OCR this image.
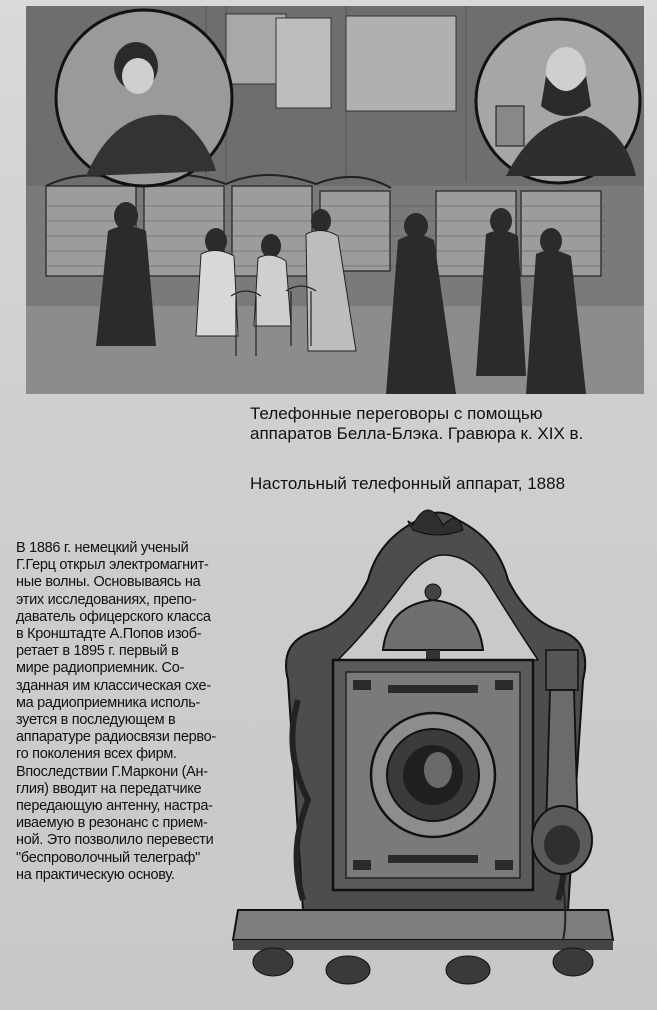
Телефонные переговоры с помощью
аппаратов Белла-Блэка. Гравюра к. XIX в.
Настольный телефонный аппарат, 1888
В 1886 г. немецкий ученый
Г.Герц открыл электромагнит-
ные волны. Основываясь на
этих исследованиях, препо-
даватель офицерского класса
в Кронштадте А.Попов изоб-
ретает в 1895 г. первый в
мире радиоприемник. Со-
зданная им классическая схе-
ма радиоприемника исполь-
зуется в последующем в
аппаратуре радиосвязи перво-
го поколения всех фирм.
Впоследствии Г.Маркони (Ан-
глия) вводит на передатчике
передающую антенну, настра-
иваемую в резонанс с прием-
ной. Это позволило перевести
"беспроволочный телеграф"
на практическую основу.
